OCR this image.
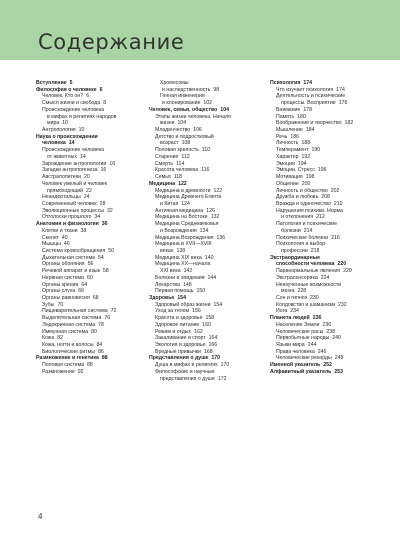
Содержание
Вступление 5
Философия о человеке 6
Человек. Кто он? 6
Смысл жизни и свобода 8
Происхождение человека
в мифах и религиях народов
мира 10
Антропология 10
Наука о происхождении
человека 14
Происхождение человека
от животных 14
Зарождение антропологии 16
Загадки антропогенеза 16
Австралопитеки 20
Человек умелый и человек
прямоходящий 22
Неандертальцы 24
Современный человек 28
Эволюционные процессы 32
Отголоски прошлого 34
Анатомия и физиология 36
Клетки и ткани 38
Скелет 40
Мышцы 46
Система кровообращения 50
Дыхательная система 54
Органы обоняния 56
Речевой аппарат и язык 58
Нервная система 60
Органы зрения 64
Органы слуха 66
Органы равновесия 68
Зубы 70
Пищеварительная система 72
Выделительная система 76
Эндокринная система 78
Иммунная система 80
Кожа 82
Кожа, ногти и волосы 84
Биологические ритмы 86
Размножение и генетика 88
Половая система 88
Размножение 92
Хромосомы
и наследственность 98
Генная инженерия
и клонирование 102
Человек, семья, общество 104
Этапы жизни человека. Начало
жизни 104
Младенчество 106
Детство и подростковый
возраст 108
Половая зрелость 110
Старение 112
Смерть 114
Красота человека 116
Семья 118
Медицина 122
Медицина в древности 122
Медицина Древнего Египта
и Китая 124
Античная медицина 126
Медицина на Востоке 132
Медицина Средневековья
и Возрождения 134
Медицина Возрождения 136
Медицина в XVII—XVIII
веках 138
Медицина XIX века 140
Медицина XX—начала
XXI века 142
Болезни и эпидемии 144
Лекарства 148
Первая помощь 150
Здоровье 154
Здоровый образ жизни 154
Уход за телом 156
Красота и здоровье 158
Здоровое питание 160
Режим и отдых 162
Закаливание и спорт 164
Экология и здоровье 166
Вредные привычки 168
Представления о душе 170
Душа в мифах и религиях 170
Философские и научные
представления о душе 172
Психология 174
Что изучает психология 174
Деятельность и психические
процессы. Восприятие 176
Внимание 178
Память 180
Воображение и творчество 182
Мышление 184
Речь 186
Личность 188
Темперамент 190
Характер 192
Эмоции 194
Эмоции. Стресс 196
Мотивация 198
Общение 200
Личность и общество 202
Дружба и любовь 208
Вражда и одиночество 210
Нарушения психики. Норма
и отклонения 212
Патология и психические
болезни 214
Психические болезни 216
Психология и выбор
профессии 218
Экстраординарные
способности человека 220
Паранормальные явления 220
Экстрасенсорика 224
Неизученные возможности
мозга 228
Сон и гипноз 230
Колдовство и шаманизм 232
Йога 234
Планета людей 236
Население Земли 236
Человеческие расы 238
Первобытные народы 240
Языки мира 244
Права человека 246
Человеческие рекорды 248
Именной указатель 252
Алфавитный указатель 253
4
